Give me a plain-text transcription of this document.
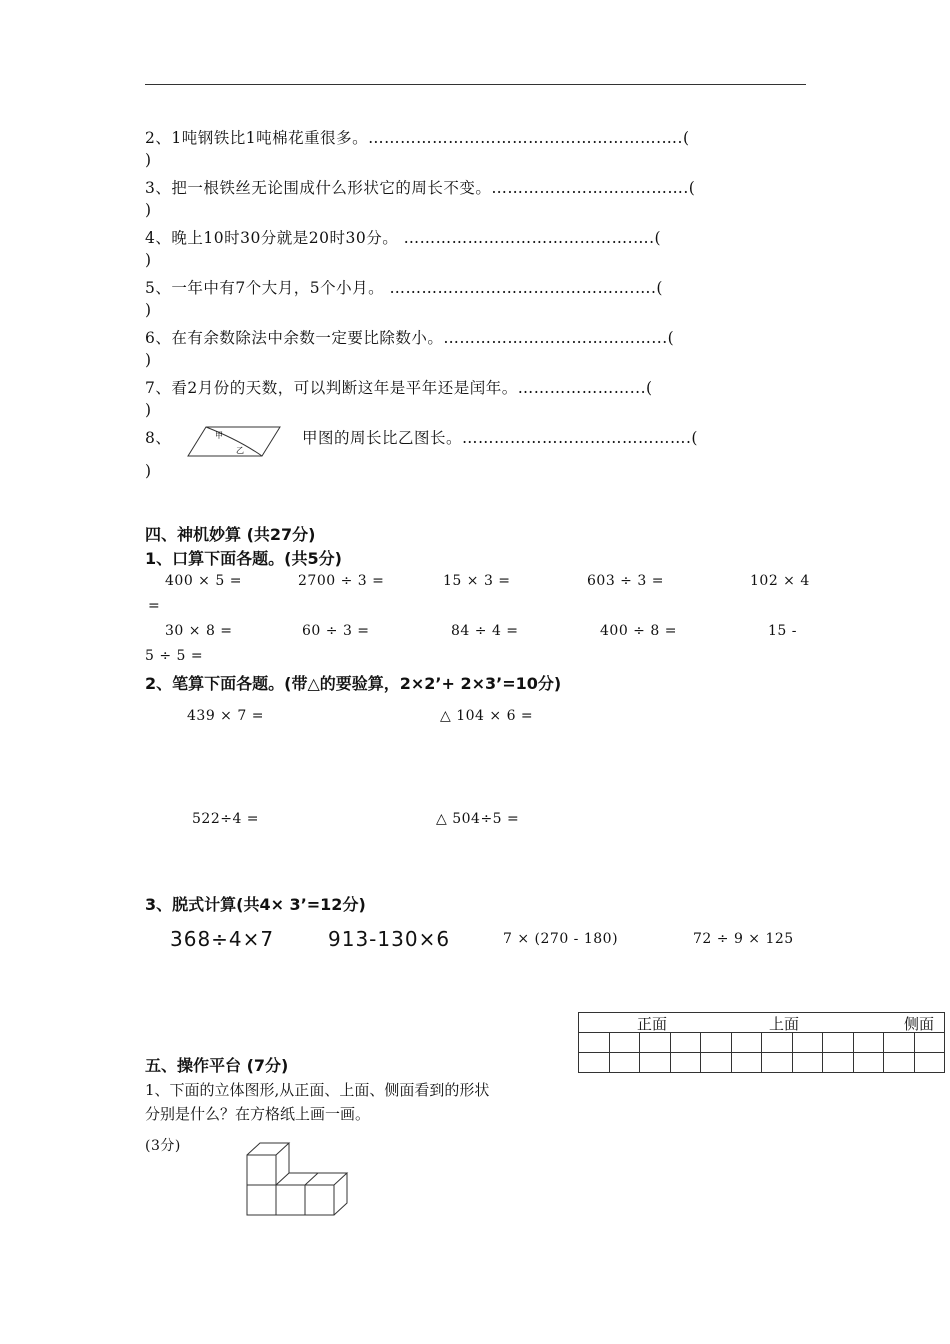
2、1吨钢铁比1吨棉花重很多。……………………………………………….….(
)
3、把一根铁丝无论围成什么形状它的周长不变。……………………………….(
)
4、晚上10时30分就是20时30分。 …………………………………….….(
)
5、一年中有7个大月，5个小月。 ……………………………………….….(
)
6、在有余数除法中余数一定要比除数小。…………………………………...(
)
7、看2月份的天数，可以判断这年是平年还是闰年。…………………...(
)
8、	甲
乙
甲图的周长比乙图长。…………………………………….(
)
四、神机妙算 (共27分)
1、口算下面各题。(共5分)
400 × 5 =	2700 ÷ 3 =	15 × 3 =	603 ÷ 3 =	102 × 4
=
30 × 8 =	60 ÷ 3 =	84 ÷ 4 =	400 ÷ 8 =	15 -
5 ÷ 5 =
2、笔算下面各题。(带△的要验算，2×2’+ 2×3’=10分)
439 × 7 =	△ 104 × 6 =
522÷4 =	△ 504÷5 =
3、脱式计算(共4× 3’=12分)
368÷4×7	913-130×6	7 × (270 - 180)	72 ÷ 9 × 125

正面	上面	侧面
五、操作平台 (7分)
1、下面的立体图形,从正面、上面、侧面看到的形状
分别是什么？在方格纸上画一画。
(3分)
